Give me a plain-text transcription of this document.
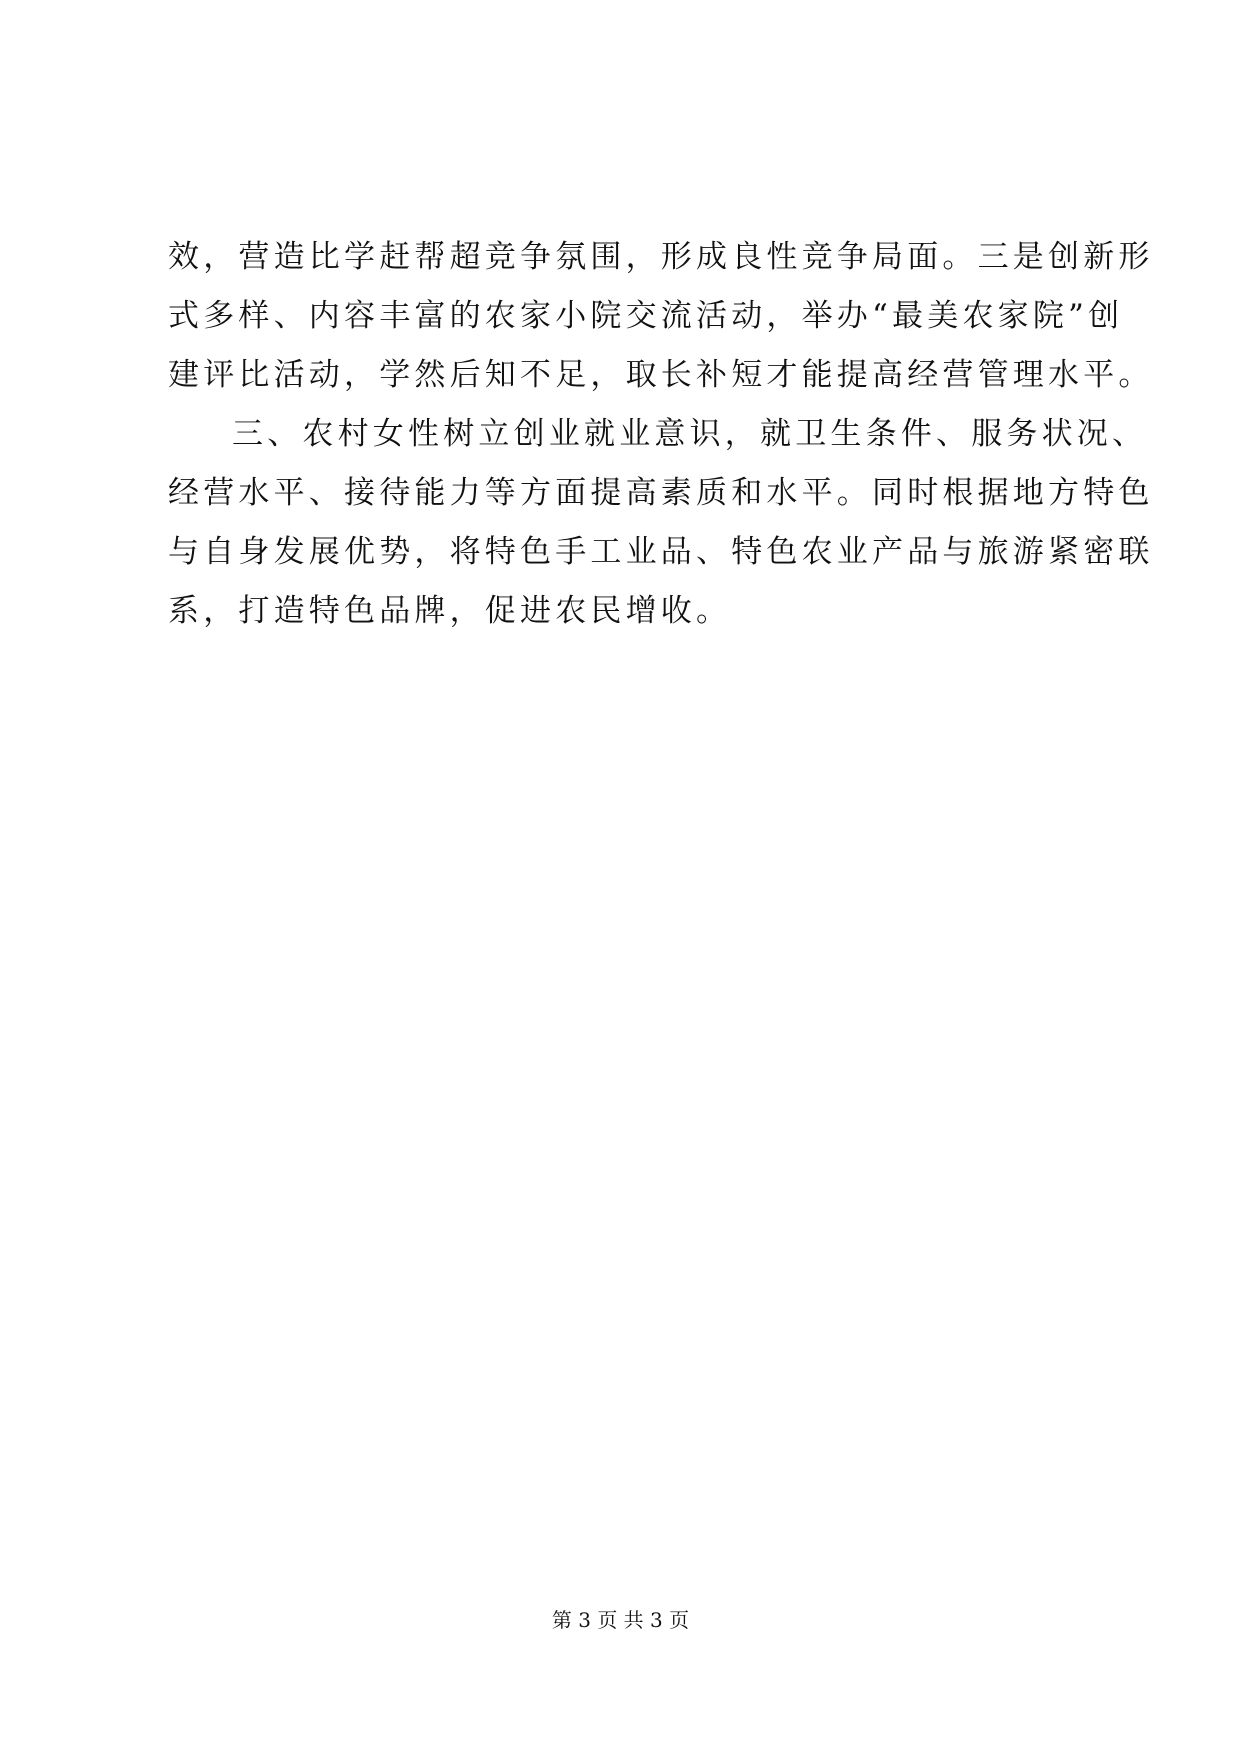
效，营造比学赶帮超竞争氛围，形成良性竞争局面。三是创新形
式多样、内容丰富的农家小院交流活动，举办“最美农家院”创
建评比活动，学然后知不足，取长补短才能提高经营管理水平。
三、农村女性树立创业就业意识，就卫生条件、服务状况、
经营水平、接待能力等方面提高素质和水平。同时根据地方特色
与自身发展优势，将特色手工业品、特色农业产品与旅游紧密联
系，打造特色品牌，促进农民增收。
第 3 页 共 3 页
